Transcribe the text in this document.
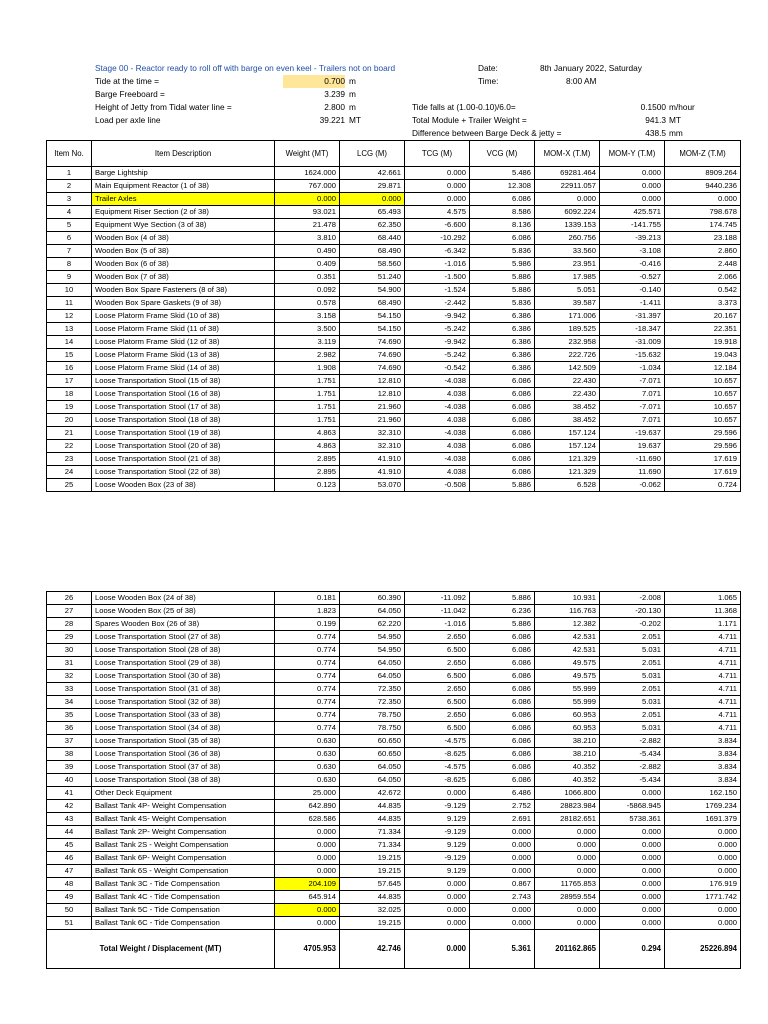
Stage 00 - Reactor ready to roll off with barge on even keel - Trailers not on board	Date:	8th January 2022, Saturday
Time:	8:00 AM
Tide at the time =	0.700 m
Barge Freeboard =	3.239 m
Height of Jetty from Tidal water line =	2.800 m
Load per axle line	39.221 MT
Tide falls at (1.00-0.10)/6.0=	0.1500 m/hour
Total Module + Trailer Weight =	941.3 MT
Difference between Barge Deck & jetty =	438.5 mm
Item No.	Item Description	Weight (MT)	LCG (M)	TCG (M)	VCG (M)	MOM-X (T.M)	MOM-Y (T.M)	MOM-Z (T.M)
1	Barge Lightship	1624.000	42.661	0.000	5.486	69281.464	0.000	8909.264
2	Main Equipment Reactor (1 of 38)	767.000	29.871	0.000	12.308	22911.057	0.000	9440.236
3	Trailer Axles	0.000	0.000	0.000	6.086	0.000	0.000	0.000
4	Equipment Riser Section (2 of 38)	93.021	65.493	4.575	8.586	6092.224	425.571	798.678
5	Equipment Wye Section (3 of 38)	21.478	62.350	-6.600	8.136	1339.153	-141.755	174.745
6	Wooden Box (4 of 38)	3.810	68.440	-10.292	6.086	260.756	-39.213	23.188
7	Wooden Box (5 of 38)	0.490	68.490	-6.342	5.836	33.560	-3.108	2.860
8	Wooden Box (6 of 38)	0.409	58.560	-1.016	5.986	23.951	-0.416	2.448
9	Wooden Box (7 of 38)	0.351	51.240	-1.500	5.886	17.985	-0.527	2.066
10	Wooden Box Spare Fasteners (8 of 38)	0.092	54.900	-1.524	5.886	5.051	-0.140	0.542
11	Wooden Box Spare Gaskets (9 of 38)	0.578	68.490	-2.442	5.836	39.587	-1.411	3.373
12	Loose Platorm Frame Skid (10 of 38)	3.158	54.150	-9.942	6.386	171.006	-31.397	20.167
13	Loose Platorm Frame Skid (11 of 38)	3.500	54.150	-5.242	6.386	189.525	-18.347	22.351
14	Loose Platorm Frame Skid (12 of 38)	3.119	74.690	-9.942	6.386	232.958	-31.009	19.918
15	Loose Platorm Frame Skid (13 of 38)	2.982	74.690	-5.242	6.386	222.726	-15.632	19.043
16	Loose Platorm Frame Skid (14 of 38)	1.908	74.690	-0.542	6.386	142.509	-1.034	12.184
17	Loose Transportation Stool (15 of 38)	1.751	12.810	-4.038	6.086	22.430	-7.071	10.657
18	Loose Transportation Stool (16 of 38)	1.751	12.810	4.038	6.086	22.430	7.071	10.657
19	Loose Transportation Stool (17 of 38)	1.751	21.960	-4.038	6.086	38.452	-7.071	10.657
20	Loose Transportation Stool (18 of 38)	1.751	21.960	4.038	6.086	38.452	7.071	10.657
21	Loose Transportation Stool (19 of 38)	4.863	32.310	-4.038	6.086	157.124	-19.637	29.596
22	Loose Transportation Stool (20 of 38)	4.863	32.310	4.038	6.086	157.124	19.637	29.596
23	Loose Transportation Stool (21 of 38)	2.895	41.910	-4.038	6.086	121.329	-11.690	17.619
24	Loose Transportation Stool (22 of 38)	2.895	41.910	4.038	6.086	121.329	11.690	17.619
25	Loose Wooden Box (23 of 38)	0.123	53.070	-0.508	5.886	6.528	-0.062	0.724
26	Loose Wooden Box (24 of 38)	0.181	60.390	-11.092	5.886	10.931	-2.008	1.065
27	Loose Wooden Box (25 of 38)	1.823	64.050	-11.042	6.236	116.763	-20.130	11.368
28	Spares Wooden Box (26 of 38)	0.199	62.220	-1.016	5.886	12.382	-0.202	1.171
29	Loose Transportation Stool (27 of 38)	0.774	54.950	2.650	6.086	42.531	2.051	4.711
30	Loose Transportation Stool (28 of 38)	0.774	54.950	6.500	6.086	42.531	5.031	4.711
31	Loose Transportation Stool (29 of 38)	0.774	64.050	2.650	6.086	49.575	2.051	4.711
32	Loose Transportation Stool (30 of 38)	0.774	64.050	6.500	6.086	49.575	5.031	4.711
33	Loose Transportation Stool (31 of 38)	0.774	72.350	2.650	6.086	55.999	2.051	4.711
34	Loose Transportation Stool (32 of 38)	0.774	72.350	6.500	6.086	55.999	5.031	4.711
35	Loose Transportation Stool (33 of 38)	0.774	78.750	2.650	6.086	60.953	2.051	4.711
36	Loose Transportation Stool (34 of 38)	0.774	78.750	6.500	6.086	60.953	5.031	4.711
37	Loose Transportation Stool (35 of 38)	0.630	60.650	-4.575	6.086	38.210	-2.882	3.834
38	Loose Transportation Stool (36 of 38)	0.630	60.650	-8.625	6.086	38.210	-5.434	3.834
39	Loose Transportation Stool (37 of 38)	0.630	64.050	-4.575	6.086	40.352	-2.882	3.834
40	Loose Transportation Stool (38 of 38)	0.630	64.050	-8.625	6.086	40.352	-5.434	3.834
41	Other Deck Equipment	25.000	42.672	0.000	6.486	1066.800	0.000	162.150
42	Ballast Tank 4P- Weight Compensation	642.890	44.835	-9.129	2.752	28823.984	-5868.945	1769.234
43	Ballast Tank 4S- Weight Compensation	628.586	44.835	9.129	2.691	28182.651	5738.361	1691.379
44	Ballast Tank 2P- Weight Compensation	0.000	71.334	-9.129	0.000	0.000	0.000	0.000
45	Ballast Tank 2S - Weight Compensation	0.000	71.334	9.129	0.000	0.000	0.000	0.000
46	Ballast Tank 6P- Weight Compensation	0.000	19.215	-9.129	0.000	0.000	0.000	0.000
47	Ballast Tank 6S - Weight Compensation	0.000	19.215	9.129	0.000	0.000	0.000	0.000
48	Ballast Tank 3C - Tide Compensation	204.109	57.645	0.000	0.867	11765.853	0.000	176.919
49	Ballast Tank 4C - Tide Compensation	645.914	44.835	0.000	2.743	28959.554	0.000	1771.742
50	Ballast Tank 5C - Tide Compensation	0.000	32.025	0.000	0.000	0.000	0.000	0.000
51	Ballast Tank 6C - Tide Compensation	0.000	19.215	0.000	0.000	0.000	0.000	0.000
Total Weight / Displacement (MT)		4705.953	42.746	0.000	5.361	201162.865	0.294	25226.894
